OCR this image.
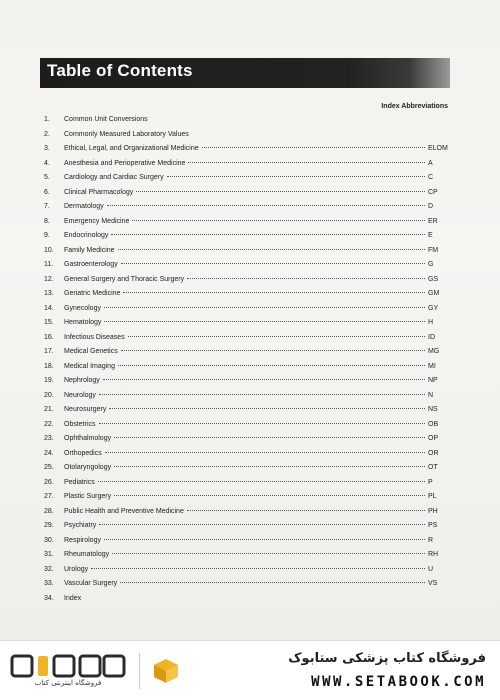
Table of Contents
Index Abbreviations
1.	Common Unit Conversions
2.	Commonly Measured Laboratory Values
3.	Ethical, Legal, and Organizational Medicine	ELOM
4.	Anesthesia and Perioperative Medicine	A
5.	Cardiology and Cardiac Surgery	C
6.	Clinical Pharmacology	CP
7.	Dermatology	D
8.	Emergency Medicine	ER
9.	Endocrinology	E
10.	Family Medicine	FM
11.	Gastroenterology	G
12.	General Surgery and Thoracic Surgery	GS
13.	Geriatric Medicine	GM
14.	Gynecology	GY
15.	Hematology	H
16.	Infectious Diseases	ID
17.	Medical Genetics	MG
18.	Medical Imaging	MI
19.	Nephrology	NP
20.	Neurology	N
21.	Neurosurgery	NS
22.	Obstetrics	OB
23.	Ophthalmology	OP
24.	Orthopedics	OR
25.	Otolaryngology	OT
26.	Pediatrics	P
27.	Plastic Surgery	PL
28.	Public Health and Preventive Medicine	PH
29.	Psychiatry	PS
30.	Respirology	R
31.	Rheumatology	RH
32.	Urology	U
33.	Vascular Surgery	VS
34.	Index
فروشگاه اینترنتی کتاب
فروشگاه کتاب پزشکی ستابوک
WWW.SETABOOK.COM
